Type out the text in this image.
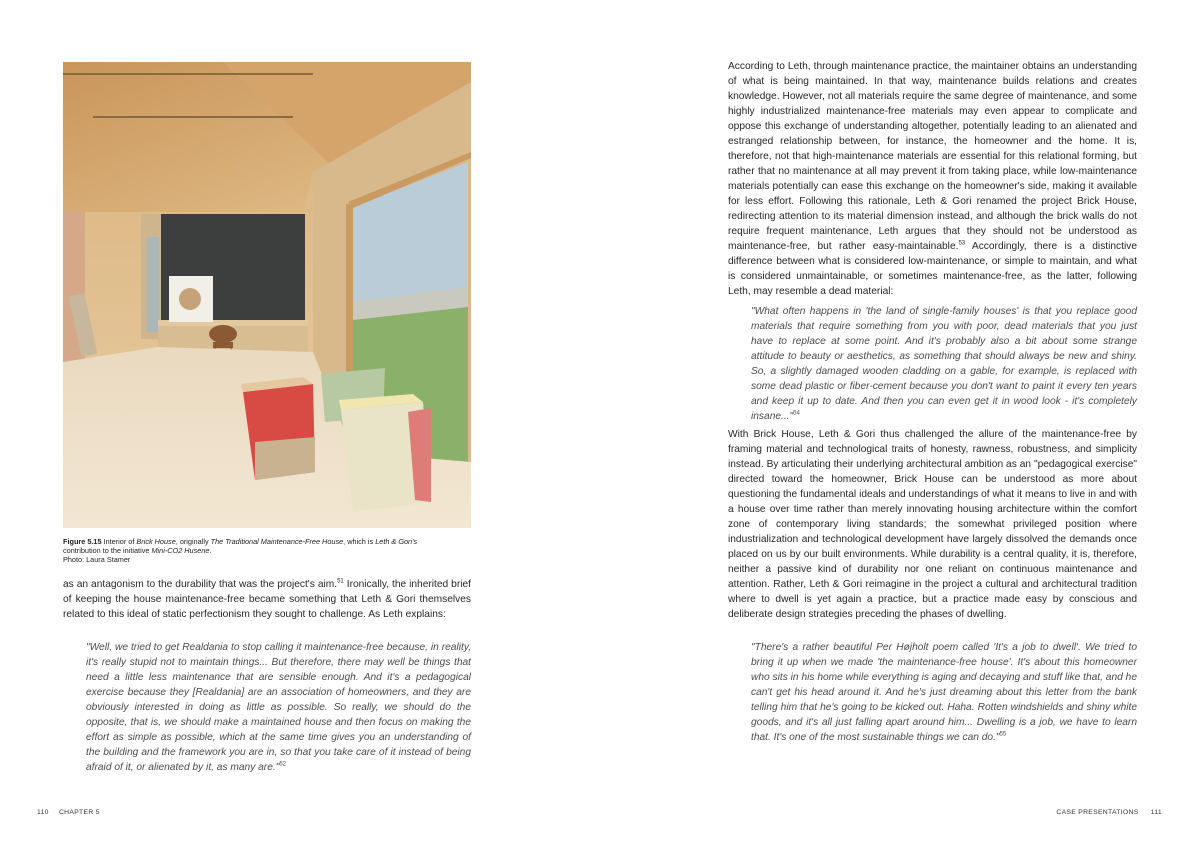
Figure 5.15 Interior of Brick House, originally The Traditional Maintenance-Free House, which is Leth & Gori's
contribution to the initiative Mini-CO2 Husene.
Photo: Laura Stamer

as an antagonism to the durability that was the project's aim.$^{51}$ Ironically, the inherited brief of keeping the house maintenance-free became something that Leth & Gori themselves related to this ideal of static perfectionism they sought to challenge. As Leth explains:

"Well, we tried to get Realdania to stop calling it maintenance-free because, in reality, it's really stupid not to maintain things... But therefore, there may well be things that need a little less maintenance that are sensible enough. And it's a pedagogical exercise because they [Realdania] are an association of homeowners, and they are obviously interested in doing as little as possible. So really, we should do the opposite, that is, we should make a maintained house and then focus on making the effort as simple as possible, which at the same time gives you an understanding of the building and the framework you are in, so that you take care of it instead of being afraid of it, or alienated by it, as many are."$^{52}$

According to Leth, through maintenance practice, the maintainer obtains an understanding of what is being maintained. In that way, maintenance builds relations and creates knowledge. However, not all materials require the same degree of maintenance, and some highly industrialized maintenance-free materials may even appear to complicate and oppose this exchange of understanding altogether, potentially leading to an alienated and estranged relationship between, for instance, the homeowner and the home. It is, therefore, not that high-maintenance materials are essential for this relational forming, but rather that no maintenance at all may prevent it from taking place, while low-maintenance materials potentially can ease this exchange on the homeowner's side, making it available for less effort. Following this rationale, Leth & Gori renamed the project Brick House, redirecting attention to its material dimension instead, and although the brick walls do not require frequent maintenance, Leth argues that they should not be understood as maintenance-free, but rather easy-maintainable.$^{53}$ Accordingly, there is a distinctive difference between what is considered low-maintenance, or simple to maintain, and what is considered unmaintainable, or sometimes maintenance-free, as the latter, following Leth, may resemble a dead material:

"What often happens in 'the land of single-family houses' is that you replace good materials that require something from you with poor, dead materials that you just have to replace at some point. And it's probably also a bit about some strange attitude to beauty or aesthetics, as something that should always be new and shiny. So, a slightly damaged wooden cladding on a gable, for example, is replaced with some dead plastic or fiber-cement because you don't want to paint it every ten years and keep it up to date. And then you can even get it in wood look - it's completely insane..."$^{54}$

With Brick House, Leth & Gori thus challenged the allure of the maintenance-free by framing material and technological traits of honesty, rawness, robustness, and simplicity instead. By articulating their underlying architectural ambition as an "pedagogical exercise" directed toward the homeowner, Brick House can be understood as more about questioning the fundamental ideals and understandings of what it means to live in and with a house over time rather than merely innovating housing architecture within the comfort zone of contemporary living standards; the somewhat privileged position where industrialization and technological development have largely dissolved the demands once placed on us by our built environments. While durability is a central quality, it is, therefore, neither a passive kind of durability nor one reliant on continuous maintenance and attention. Rather, Leth & Gori reimagine in the project a cultural and architectural tradition where to dwell is yet again a practice, but a practice made easy by conscious and deliberate design strategies preceding the phases of dwelling.

"There's a rather beautiful Per Højholt poem called 'It's a job to dwell'. We tried to bring it up when we made 'the maintenance-free house'. It's about this homeowner who sits in his home while everything is aging and decaying and stuff like that, and he can't get his head around it. And he's just dreaming about this letter from the bank telling him that he's going to be kicked out. Haha. Rotten windshields and shiny white goods, and it's all just falling apart around him... Dwelling is a job, we have to learn that. It's one of the most sustainable things we can do."$^{55}$

110 CHAPTER 5	CASE PRESENTATIONS 111
